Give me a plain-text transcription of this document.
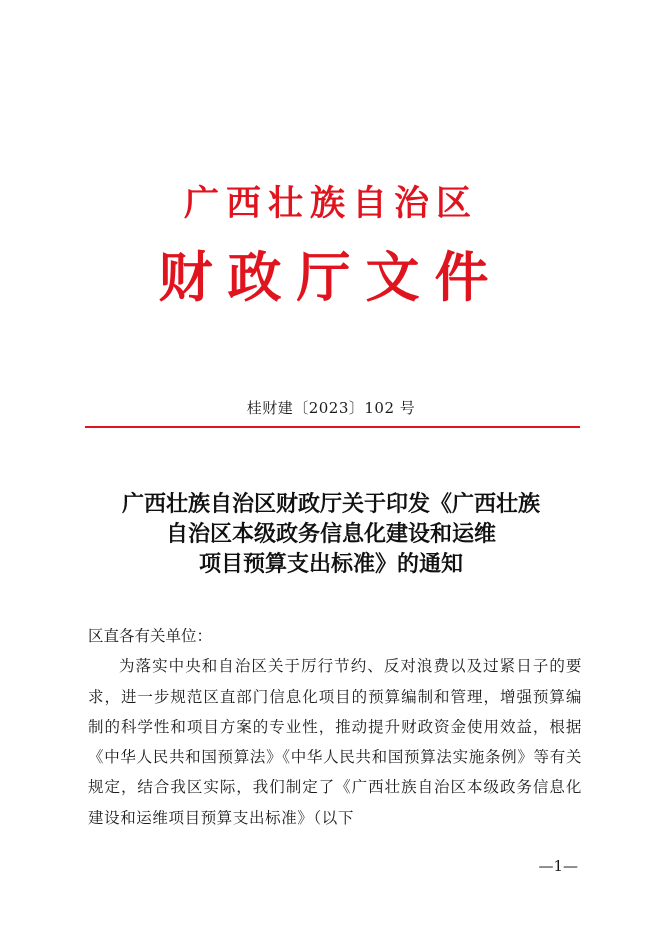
广西壮族自治区
财政厅文件
桂财建〔2023〕102 号
广西壮族自治区财政厅关于印发《广西壮族
自治区本级政务信息化建设和运维
项目预算支出标准》的通知
区直各有关单位：
为落实中央和自治区关于厉行节约、反对浪费以及过紧日子的要求，进一步规范区直部门信息化项目的预算编制和管理，增强预算编制的科学性和项目方案的专业性，推动提升财政资金使用效益，根据《中华人民共和国预算法》《中华人民共和国预算法实施条例》等有关规定，结合我区实际，我们制定了《广西壮族自治区本级政务信息化建设和运维项目预算支出标准》（以下
—1—
